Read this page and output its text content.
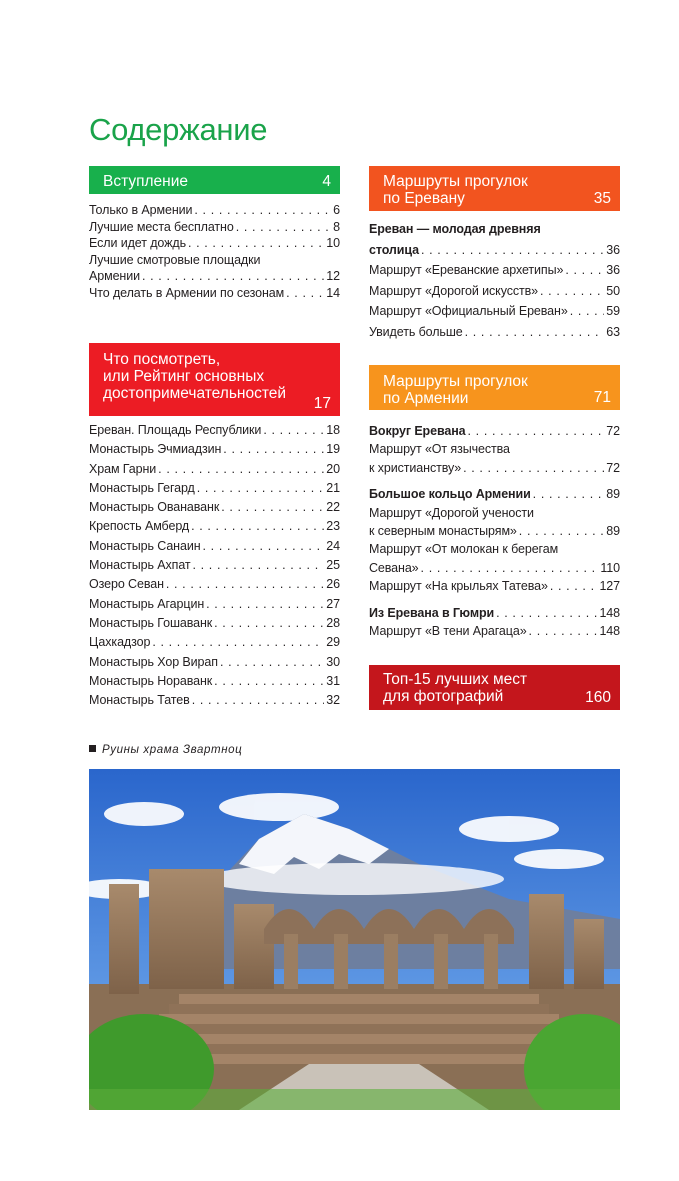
Содержание
Вступление	4
Только в Армении . . .	6
Лучшие места бесплатно . . .	8
Если идет дождь . . .	10
Лучшие смотровые площадки
Армении . . .	12
Что делать в Армении по сезонам . . .	14
Что посмотреть,
или Рейтинг основных
достопримечательностей
17
Ереван. Площадь Республики . . .	18
Монастырь Эчмиадзин . . .	19
Храм Гарни . . .	20
Монастырь Гегард . . .	21
Монастырь Ованаванк . . .	22
Крепость Амберд . . .	23
Монастырь Санаин . . .	24
Монастырь Ахпат . . .	25
Озеро Севан . . .	26
Монастырь Агарцин . . .	27
Монастырь Гошаванк . . .	28
Цахкадзор . . .	29
Монастырь Хор Вирап . . .	30
Монастырь Нораванк . . .	31
Монастырь Татев . . .	32
Маршруты прогулок
по Еревану	35
Ереван — молодая древняя
столица . . .	36
Маршрут «Ереванские архетипы» . . .	36
Маршрут «Дорогой искусств» . . .	50
Маршрут «Официальный Ереван» . . .	59
Увидеть больше . . .	63
Маршруты прогулок
по Армении	71
Вокруг Еревана . . .	72
Маршрут «От язычества
к христианству» . . .	72
Большое кольцо Армении . . .	89
Маршрут «Дорогой учености
к северным монастырям» . . .	89
Маршрут «От молокан к берегам
Севана» . . .	110
Маршрут «На крыльях Татева» . . .	127
Из Еревана в Гюмри . . .	148
Маршрут «В тени Арагаца» . . .	148
Топ-15 лучших мест
для фотографий	160
Руины храма Звартноц
